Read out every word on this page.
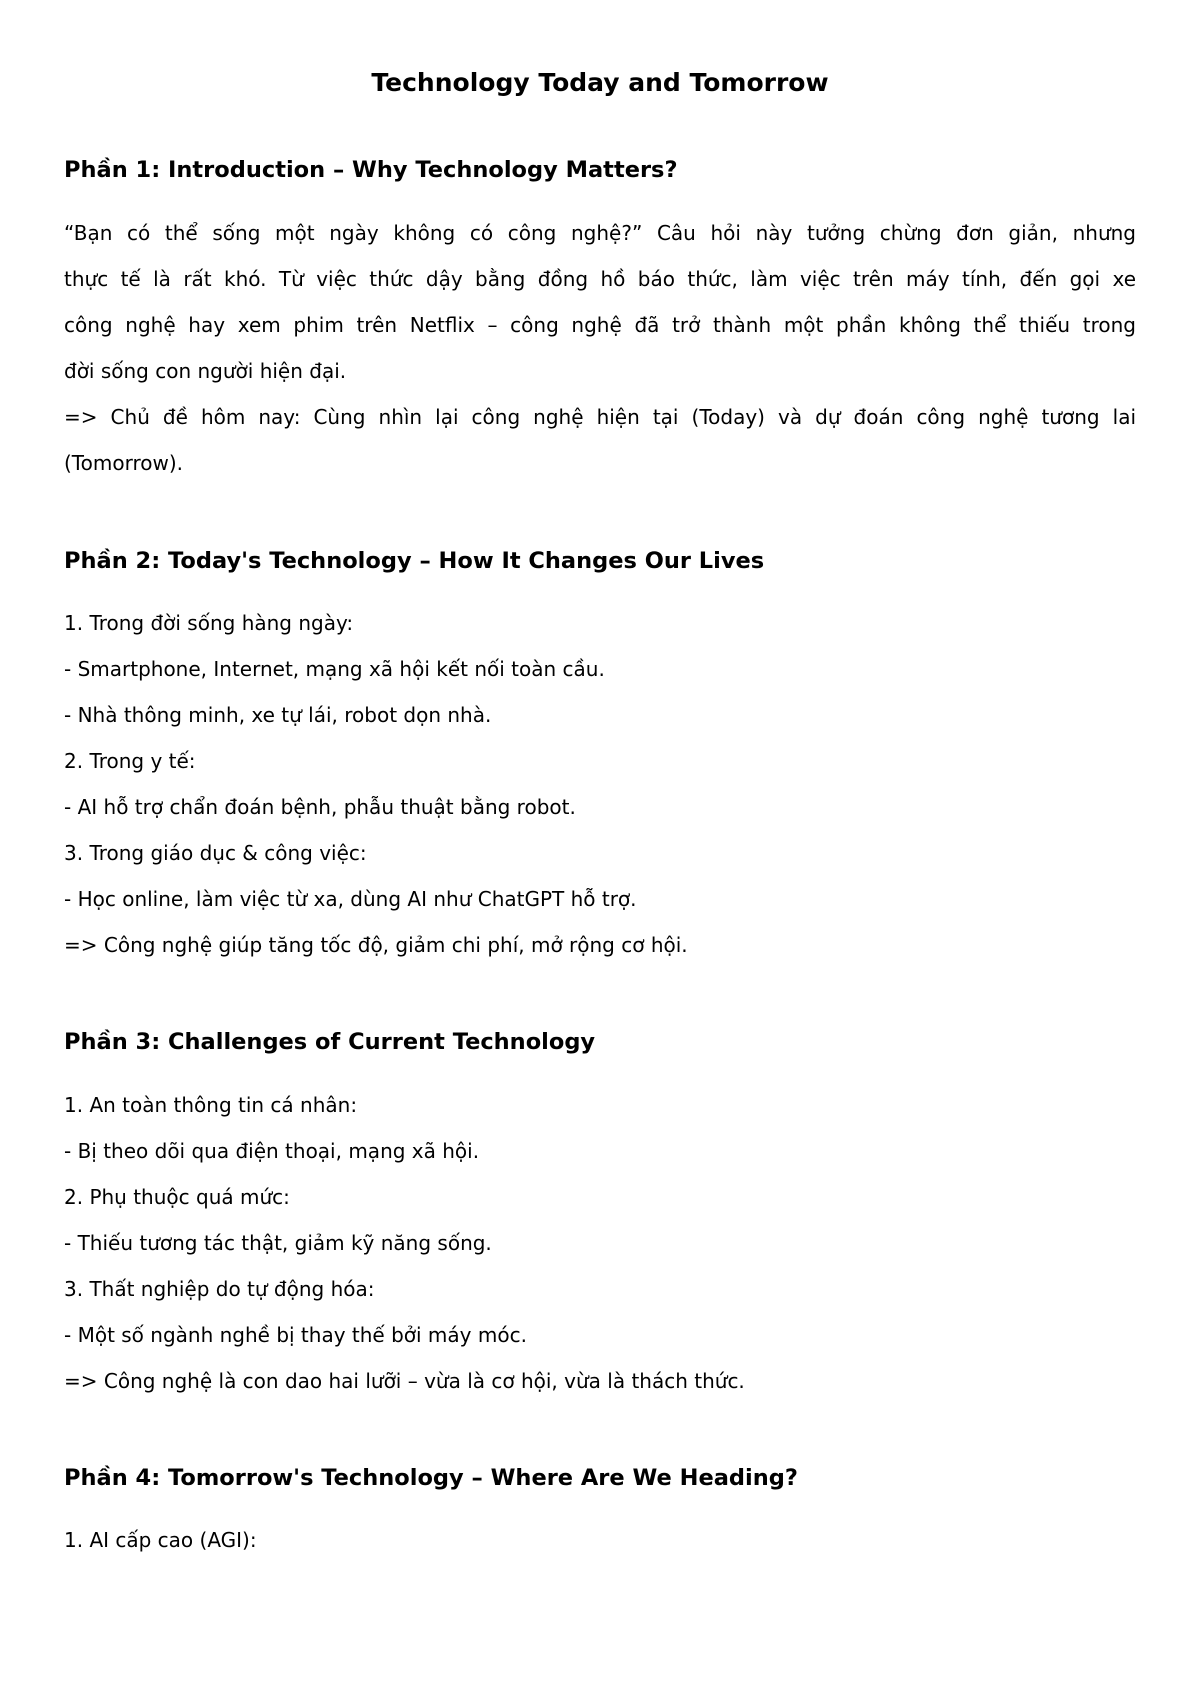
Technology Today and Tomorrow
Phần 1: Introduction – Why Technology Matters?

“Bạn có thể sống một ngày không có công nghệ?” Câu hỏi này tưởng chừng đơn giản, nhưng
thực tế là rất khó. Từ việc thức dậy bằng đồng hồ báo thức, làm việc trên máy tính, đến gọi xe
công nghệ hay xem phim trên Netflix – công nghệ đã trở thành một phần không thể thiếu trong
đời sống con người hiện đại.

=> Chủ đề hôm nay: Cùng nhìn lại công nghệ hiện tại (Today) và dự đoán công nghệ tương lai
(Tomorrow).

Phần 2: Today's Technology – How It Changes Our Lives

1. Trong đời sống hàng ngày:

- Smartphone, Internet, mạng xã hội kết nối toàn cầu.

- Nhà thông minh, xe tự lái, robot dọn nhà.

2. Trong y tế:

- AI hỗ trợ chẩn đoán bệnh, phẫu thuật bằng robot.

3. Trong giáo dục & công việc:

- Học online, làm việc từ xa, dùng AI như ChatGPT hỗ trợ.

=> Công nghệ giúp tăng tốc độ, giảm chi phí, mở rộng cơ hội.

Phần 3: Challenges of Current Technology

1. An toàn thông tin cá nhân:

- Bị theo dõi qua điện thoại, mạng xã hội.

2. Phụ thuộc quá mức:

- Thiếu tương tác thật, giảm kỹ năng sống.

3. Thất nghiệp do tự động hóa:

- Một số ngành nghề bị thay thế bởi máy móc.

=> Công nghệ là con dao hai lưỡi – vừa là cơ hội, vừa là thách thức.

Phần 4: Tomorrow's Technology – Where Are We Heading?

1. AI cấp cao (AGI):
